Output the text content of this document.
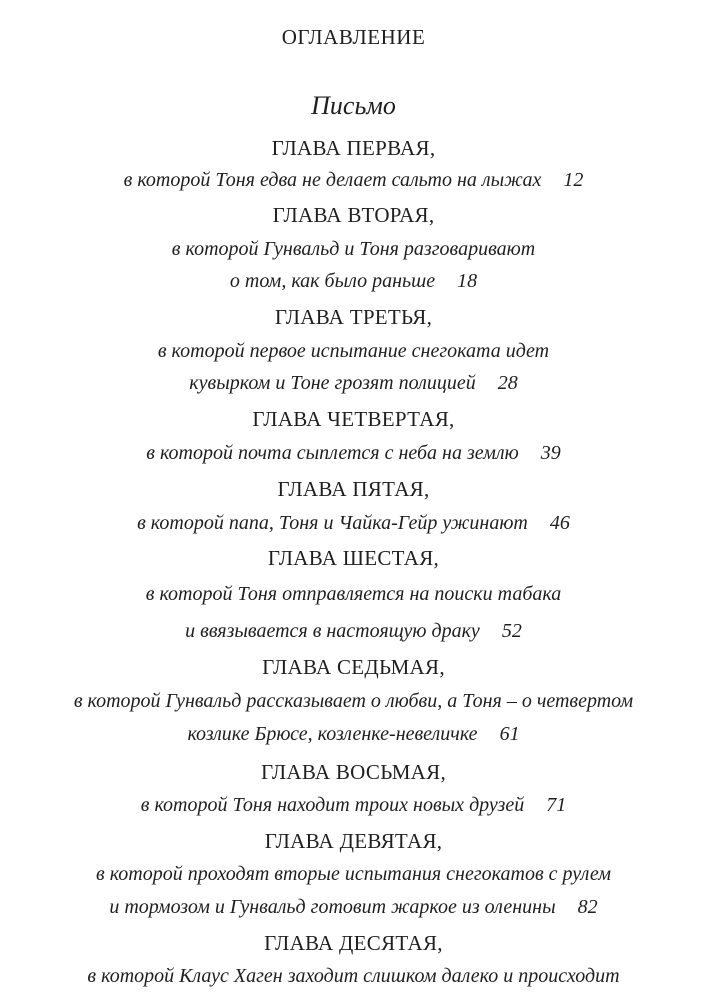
ОГЛАВЛЕНИЕ
Письмо
ГЛАВА ПЕРВАЯ,
в которой Тоня едва не делает сальто на лыжах 12
ГЛАВА ВТОРАЯ,
в которой Гунвальд и Тоня разговаривают
о том, как было раньше 18
ГЛАВА ТРЕТЬЯ,
в которой первое испытание снегоката идет
кувырком и Тоне грозят полицией 28
ГЛАВА ЧЕТВЕРТАЯ,
в которой почта сыплется с неба на землю 39
ГЛАВА ПЯТАЯ,
в которой папа, Тоня и Чайка-Гейр ужинают 46
ГЛАВА ШЕСТАЯ,
в которой Тоня отправляется на поиски табака
и ввязывается в настоящую драку 52
ГЛАВА СЕДЬМАЯ,
в которой Гунвальд рассказывает о любви, а Тоня – о четвертом
козлике Брюсе, козленке-невеличке 61
ГЛАВА ВОСЬМАЯ,
в которой Тоня находит троих новых друзей 71
ГЛАВА ДЕВЯТАЯ,
в которой проходят вторые испытания снегокатов с рулем
и тормозом и Гунвальд готовит жаркое из оленины 82
ГЛАВА ДЕСЯТАЯ,
в которой Клаус Хаген заходит слишком далеко и происходит
